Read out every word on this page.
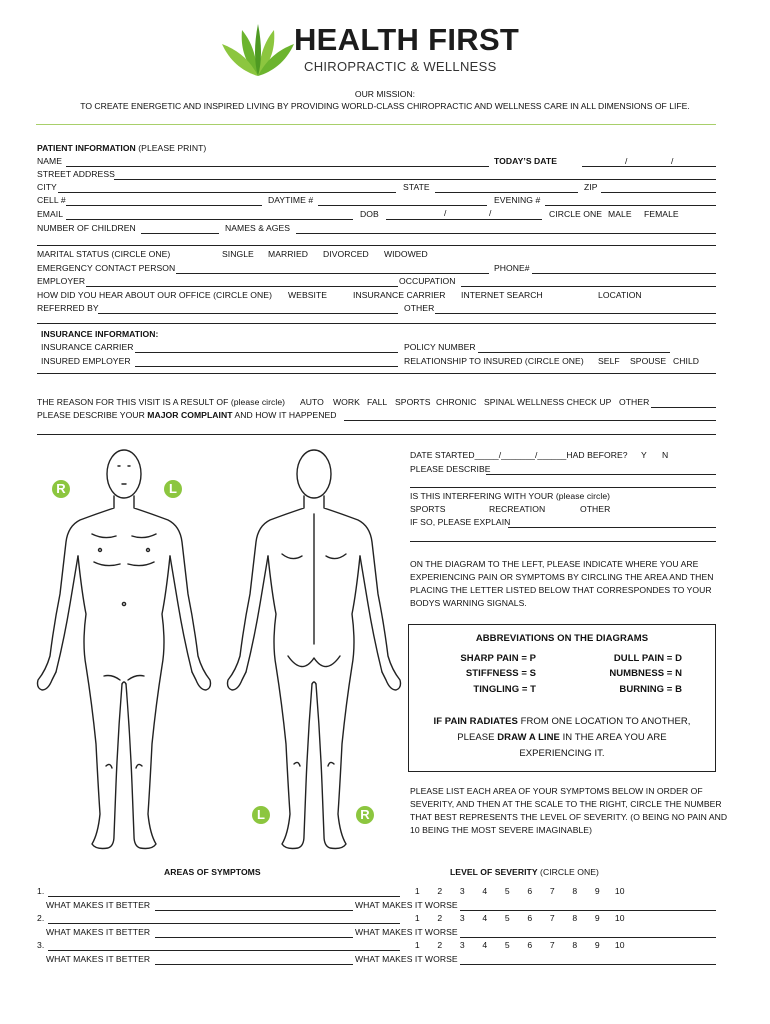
HEALTH FIRST
CHIROPRACTIC & WELLNESS
OUR MISSION:
TO CREATE ENERGETIC AND INSPIRED LIVING BY PROVIDING WORLD-CLASS CHIROPRACTIC AND WELLNESS CARE IN ALL DIMENSIONS OF LIFE.
PATIENT INFORMATION (PLEASE PRINT)
NAME	TODAY’S DATE	/	/
STREET ADDRESS
CITY	STATE	ZIP
CELL #	DAYTIME #	EVENING #
EMAIL	DOB	/	/	CIRCLE ONE MALE FEMALE
NUMBER OF CHILDREN	NAMES & AGES
MARITAL STATUS (CIRCLE ONE)	SINGLE MARRIED DIVORCED WIDOWED
EMERGENCY CONTACT PERSON	PHONE#
EMPLOYER	OCCUPATION
HOW DID YOU HEAR ABOUT OUR OFFICE (CIRCLE ONE) WEBSITE	INSURANCE CARRIER INTERNET SEARCH	LOCATION
REFERRED BY	OTHER
INSURANCE INFORMATION:
INSURANCE CARRIER	POLICY NUMBER
INSURED EMPLOYER	RELATIONSHIP TO INSURED (CIRCLE ONE) SELF SPOUSE CHILD
THE REASON FOR THIS VISIT IS A RESULT OF (please circle) AUTO WORK FALL SPORTS CHRONIC SPINAL WELLNESS CHECK UP OTHER
PLEASE DESCRIBE YOUR MAJOR COMPLAINT AND HOW IT HAPPENED
DATE STARTED_____/_______/______HAD BEFORE? Y N
PLEASE DESCRIBE
IS THIS INTERFERING WITH YOUR (please circle)
SPORTS	RECREATION	OTHER
IF SO, PLEASE EXPLAIN
ON THE DIAGRAM TO THE LEFT, PLEASE INDICATE WHERE YOU ARE
EXPERIENCING PAIN OR SYMPTOMS BY CIRCLING THE AREA AND THEN
PLACING THE LETTER LISTED BELOW THAT CORRESPONDES TO YOUR
BODYS WARNING SIGNALS.
ABBREVIATIONS ON THE DIAGRAMS
SHARP PAIN = P
STIFFNESS = S
TINGLING = T
DULL PAIN = D
NUMBNESS = N
BURNING = B
IF PAIN RADIATES FROM ONE LOCATION TO ANOTHER,
PLEASE DRAW A LINE IN THE AREA YOU ARE
EXPERIENCING IT.
PLEASE LIST EACH AREA OF YOUR SYMPTOMS BELOW IN ORDER OF
SEVERITY, AND THEN AT THE SCALE TO THE RIGHT, CIRCLE THE NUMBER
THAT BEST REPRESENTS THE LEVEL OF SEVERITY. (O BEING NO PAIN AND
10 BEING THE MOST SEVERE IMAGINABLE)
R	L
L	R
AREAS OF SYMPTOMS	LEVEL OF SEVERITY (CIRCLE ONE)
1.	1 2 3 4 5 6 7 8 9 10
WHAT MAKES IT BETTER	WHAT MAKES IT WORSE
2.	1 2 3 4 5 6 7 8 9 10
WHAT MAKES IT BETTER	WHAT MAKES IT WORSE
3.	1 2 3 4 5 6 7 8 9 10
WHAT MAKES IT BETTER	WHAT MAKES IT WORSE
